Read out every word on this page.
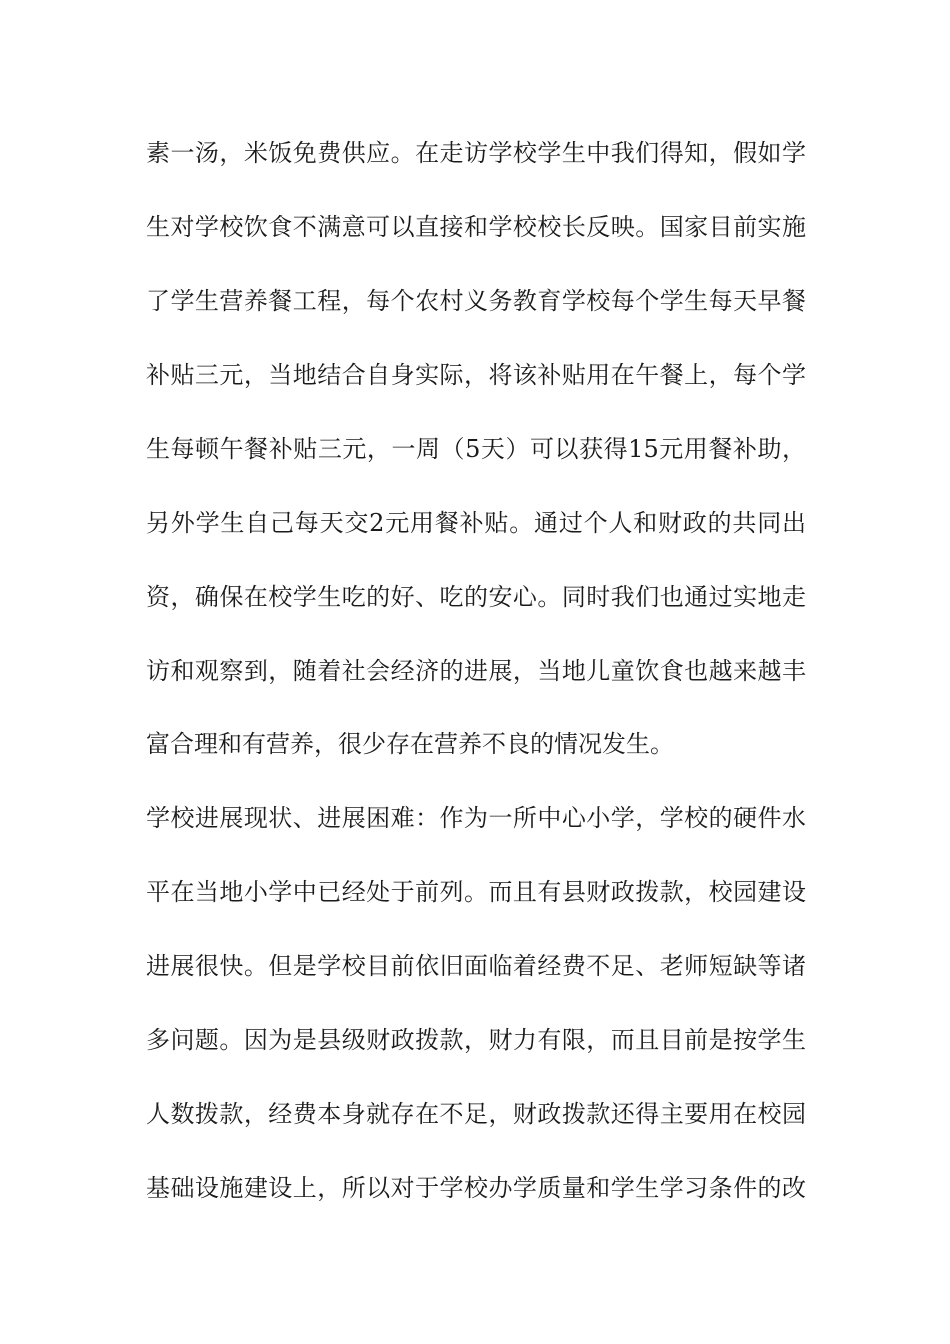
素一汤，米饭免费供应。在走访学校学生中我们得知，假如学
生对学校饮食不满意可以直接和学校校长反映。国家目前实施
了学生营养餐工程，每个农村义务教育学校每个学生每天早餐
补贴三元，当地结合自身实际，将该补贴用在午餐上，每个学
生每顿午餐补贴三元，一周（5天）可以获得15元用餐补助，
另外学生自己每天交2元用餐补贴。通过个人和财政的共同出
资，确保在校学生吃的好、吃的安心。同时我们也通过实地走
访和观察到，随着社会经济的进展，当地儿童饮食也越来越丰
富合理和有营养，很少存在营养不良的情况发生。
学校进展现状、进展困难：作为一所中心小学，学校的硬件水
平在当地小学中已经处于前列。而且有县财政拨款，校园建设
进展很快。但是学校目前依旧面临着经费不足、老师短缺等诸
多问题。因为是县级财政拨款，财力有限，而且目前是按学生
人数拨款，经费本身就存在不足，财政拨款还得主要用在校园
基础设施建设上，所以对于学校办学质量和学生学习条件的改
